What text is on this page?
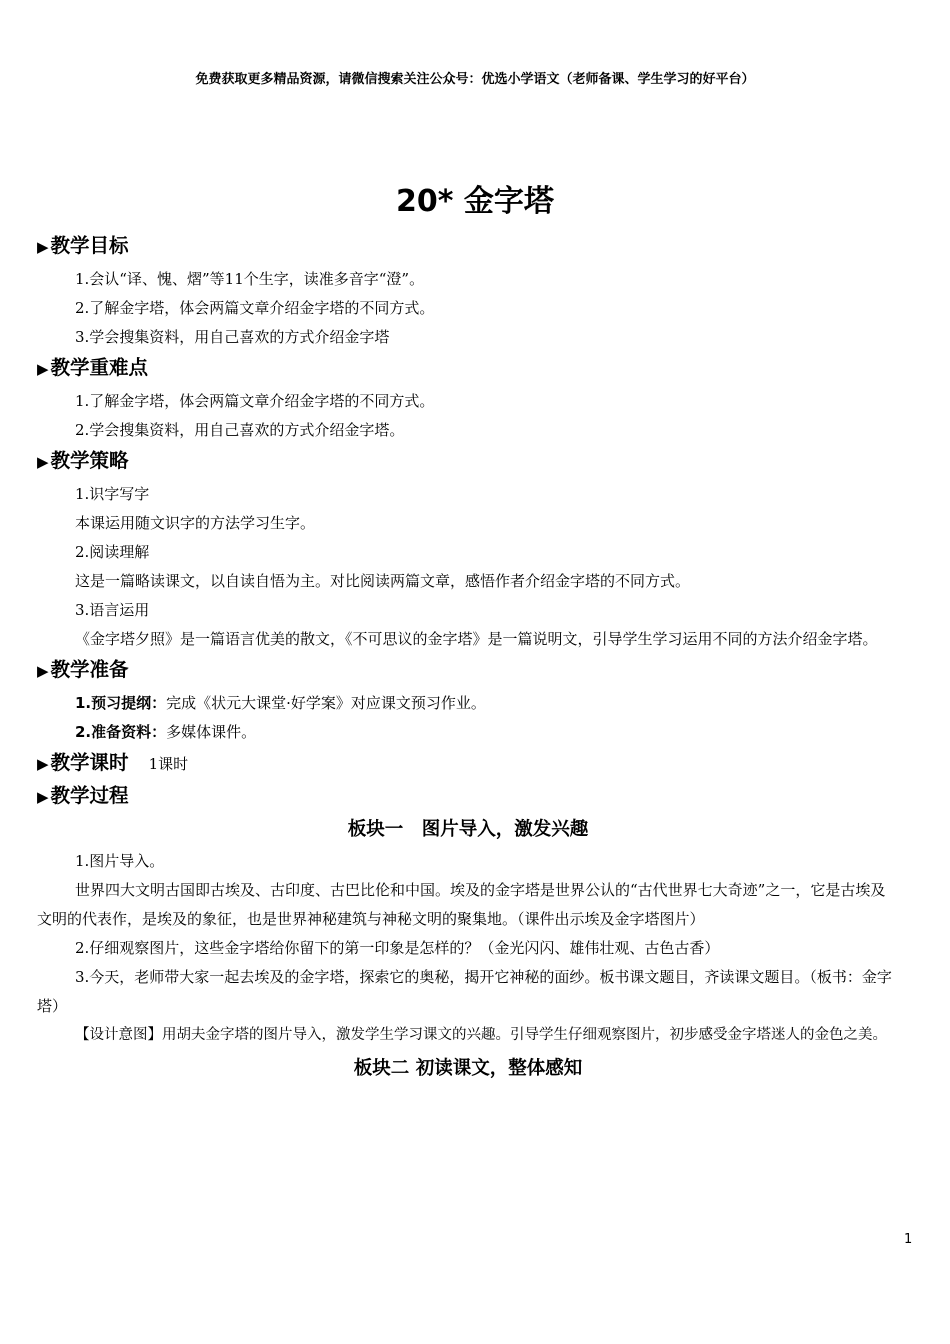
免费获取更多精品资源，请微信搜索关注公众号：优选小学语文（老师备课、学生学习的好平台）
20* 金字塔
▶ 教学目标

1.会认“译、愧、熠”等11个生字，读准多音字“澄”。

2.了解金字塔，体会两篇文章介绍金字塔的不同方式。

3.学会搜集资料，用自己喜欢的方式介绍金字塔

▶ 教学重难点

1.了解金字塔，体会两篇文章介绍金字塔的不同方式。

2.学会搜集资料，用自己喜欢的方式介绍金字塔。

▶ 教学策略

1.识字写字

本课运用随文识字的方法学习生字。

2.阅读理解

这是一篇略读课文，以自读自悟为主。对比阅读两篇文章，感悟作者介绍金字塔的不同方式。

3.语言运用

《金字塔夕照》是一篇语言优美的散文，《不可思议的金字塔》是一篇说明文，引导学生学习运用不同的方法介绍金字塔。

▶ 教学准备

1.预习提纲：完成《状元大课堂·好学案》对应课文预习作业。

2.准备资料：多媒体课件。

▶ 教学课时 1课时
▶ 教学过程
板块一　图片导入，激发兴趣

1.图片导入。

世界四大文明古国即古埃及、古印度、古巴比伦和中国。埃及的金字塔是世界公认的“古代世界七大奇迹”之一，它是古埃及文明的代表作，是埃及的象征，也是世界神秘建筑与神秘文明的聚集地。（课件出示埃及金字塔图片）

2.仔细观察图片，这些金字塔给你留下的第一印象是怎样的？（金光闪闪、雄伟壮观、古色古香）

3.今天，老师带大家一起去埃及的金字塔，探索它的奥秘，揭开它神秘的面纱。板书课文题目，齐读课文题目。（板书：金字塔）

【设计意图】用胡夫金字塔的图片导入，激发学生学习课文的兴趣。引导学生仔细观察图片，初步感受金字塔迷人的金色之美。

板块二 初读课文，整体感知
1
